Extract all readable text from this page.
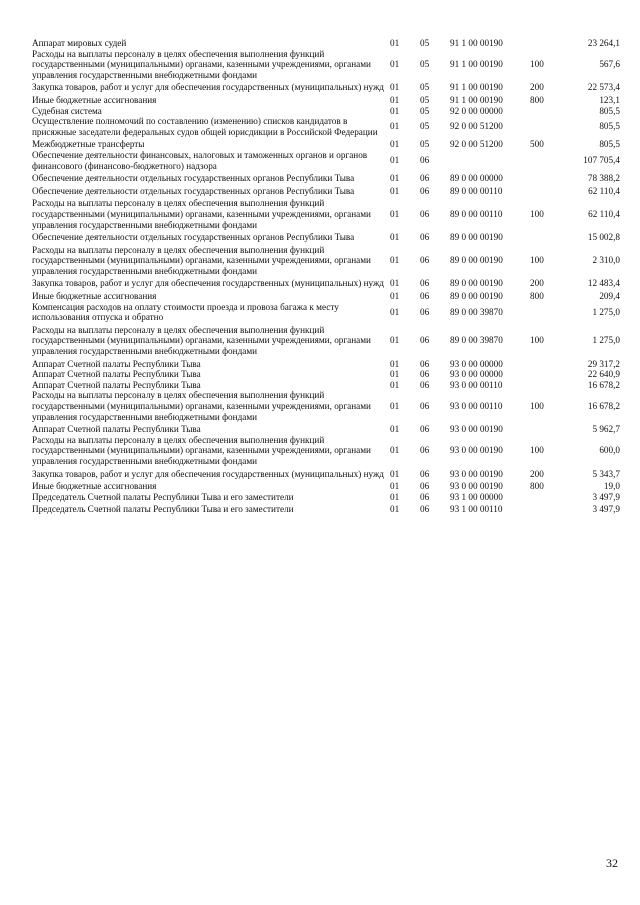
Аппарат мировых судей	01	05	91 1 00 00190		23 264,1
Расходы на выплаты персоналу в целях обеспечения выполнения функций государственными (муниципальными) органами, казенными учреждениями, органами управления государственными внебюджетными фондами	01	05	91 1 00 00190	100	567,6
Закупка товаров, работ и услуг для обеспечения государственных (муниципальных) нужд	01	05	91 1 00 00190	200	22 573,4
Иные бюджетные ассигнования	01	05	91 1 00 00190	800	123,1
Судебная система	01	05	92 0 00 00000		805,5
Осуществление полномочий по составлению (изменению) списков кандидатов в присяжные заседатели федеральных судов общей юрисдикции в Российской Федерации	01	05	92 0 00 51200		805,5
Межбюджетные трансферты	01	05	92 0 00 51200	500	805,5
Обеспечение деятельности финансовых, налоговых и таможенных органов и органов финансового (финансово-бюджетного) надзора	01	06			107 705,4
Обеспечение деятельности отдельных государственных органов Республики Тыва	01	06	89 0 00 00000		78 388,2
Обеспечение деятельности отдельных государственных органов Республики Тыва	01	06	89 0 00 00110		62 110,4
Расходы на выплаты персоналу в целях обеспечения выполнения функций государственными (муниципальными) органами, казенными учреждениями, органами управления государственными внебюджетными фондами	01	06	89 0 00 00110	100	62 110,4
Обеспечение деятельности отдельных государственных органов Республики Тыва	01	06	89 0 00 00190		15 002,8
Расходы на выплаты персоналу в целях обеспечения выполнения функций государственными (муниципальными) органами, казенными учреждениями, органами управления государственными внебюджетными фондами	01	06	89 0 00 00190	100	2 310,0
Закупка товаров, работ и услуг для обеспечения государственных (муниципальных) нужд	01	06	89 0 00 00190	200	12 483,4
Иные бюджетные ассигнования	01	06	89 0 00 00190	800	209,4
Компенсация расходов на оплату стоимости проезда и провоза багажа к месту использования отпуска и обратно	01	06	89 0 00 39870		1 275,0
Расходы на выплаты персоналу в целях обеспечения выполнения функций государственными (муниципальными) органами, казенными учреждениями, органами управления государственными внебюджетными фондами	01	06	89 0 00 39870	100	1 275,0
Аппарат Счетной палаты Республики Тыва	01	06	93 0 00 00000		29 317,2
Аппарат Счетной палаты Республики Тыва	01	06	93 0 00 00000		22 640,9
Аппарат Счетной палаты Республики Тыва	01	06	93 0 00 00110		16 678,2
Расходы на выплаты персоналу в целях обеспечения выполнения функций государственными (муниципальными) органами, казенными учреждениями, органами управления государственными внебюджетными фондами	01	06	93 0 00 00110	100	16 678,2
Аппарат Счетной палаты Республики Тыва	01	06	93 0 00 00190		5 962,7
Расходы на выплаты персоналу в целях обеспечения выполнения функций государственными (муниципальными) органами, казенными учреждениями, органами управления государственными внебюджетными фондами	01	06	93 0 00 00190	100	600,0
Закупка товаров, работ и услуг для обеспечения государственных (муниципальных) нужд	01	06	93 0 00 00190	200	5 343,7
Иные бюджетные ассигнования	01	06	93 0 00 00190	800	19,0
Председатель Счетной палаты Республики Тыва и его заместители	01	06	93 1 00 00000		3 497,9
Председатель Счетной палаты Республики Тыва и его заместители	01	06	93 1 00 00110		3 497,9
32
